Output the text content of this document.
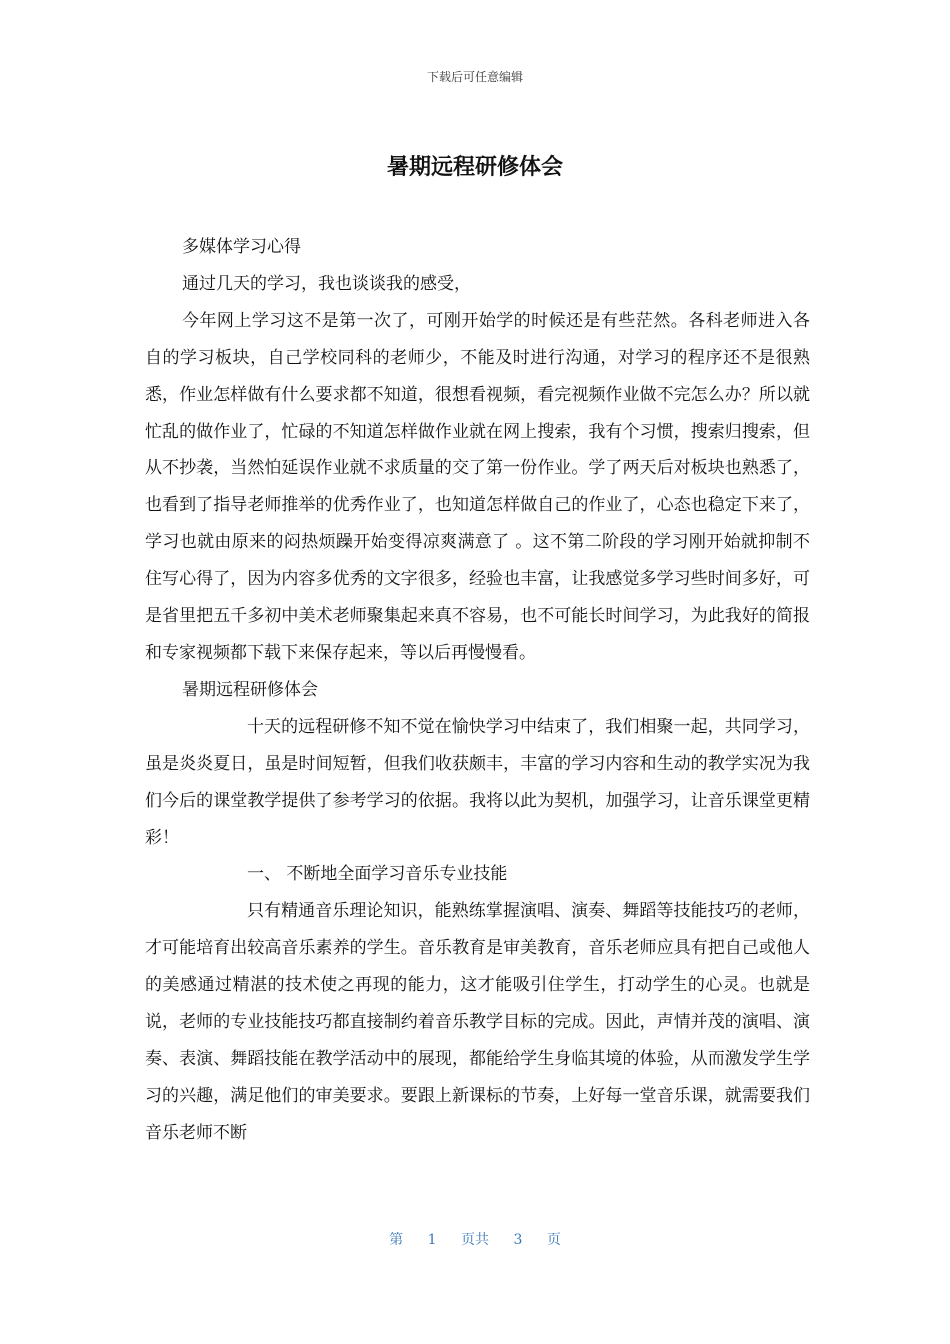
下载后可任意编辑
暑期远程研修体会

多媒体学习心得

通过几天的学习，我也谈谈我的感受，

今年网上学习这不是第一次了，可刚开始学的时候还是有些茫然。各科老师进入各自的学习板块，自己学校同科的老师少，不能及时进行沟通，对学习的程序还不是很熟悉，作业怎样做有什么要求都不知道，很想看视频，看完视频作业做不完怎么办？所以就忙乱的做作业了，忙碌的不知道怎样做作业就在网上搜索，我有个习惯，搜索归搜索，但从不抄袭，当然怕延误作业就不求质量的交了第一份作业。学了两天后对板块也熟悉了，也看到了指导老师推举的优秀作业了，也知道怎样做自己的作业了，心态也稳定下来了，学习也就由原来的闷热烦躁开始变得凉爽满意了 。这不第二阶段的学习刚开始就抑制不住写心得了，因为内容多优秀的文字很多，经验也丰富，让我感觉多学习些时间多好，可是省里把五千多初中美术老师聚集起来真不容易，也不可能长时间学习，为此我好的简报和专家视频都下载下来保存起来，等以后再慢慢看。

暑期远程研修体会

十天的远程研修不知不觉在愉快学习中结束了，我们相聚一起，共同学习，虽是炎炎夏日，虽是时间短暂，但我们收获颇丰，丰富的学习内容和生动的教学实况为我们今后的课堂教学提供了参考学习的依据。我将以此为契机，加强学习，让音乐课堂更精彩！

一、 不断地全面学习音乐专业技能

只有精通音乐理论知识，能熟练掌握演唱、演奏、舞蹈等技能技巧的老师，才可能培育出较高音乐素养的学生。音乐教育是审美教育，音乐老师应具有把自己或他人的美感通过精湛的技术使之再现的能力，这才能吸引住学生，打动学生的心灵。也就是说，老师的专业技能技巧都直接制约着音乐教学目标的完成。因此，声情并茂的演唱、演奏、表演、舞蹈技能在教学活动中的展现，都能给学生身临其境的体验，从而激发学生学习的兴趣，满足他们的审美要求。要跟上新课标的节奏，上好每一堂音乐课，就需要我们音乐老师不断

第 1 页共 3 页
